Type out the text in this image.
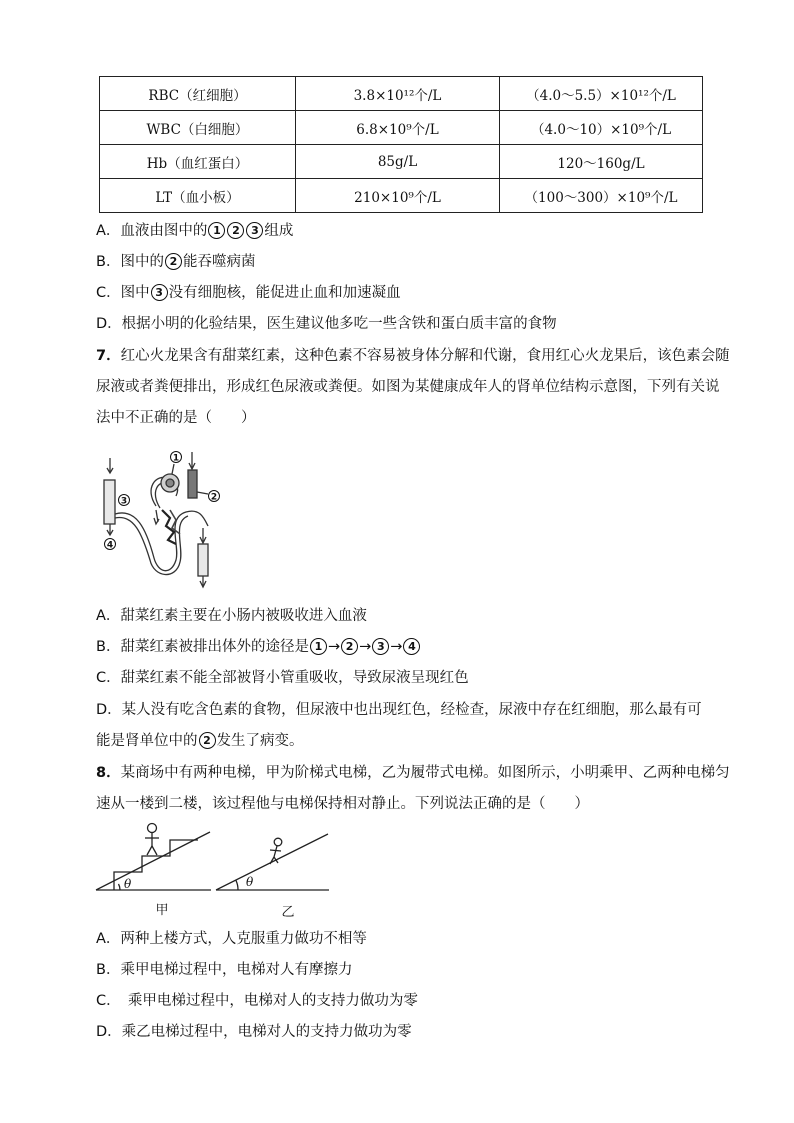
RBC（红细胞）	3.8×10¹²个/L	（4.0～5.5）×10¹²个/L
WBC（白细胞）	6.8×10⁹个/L	（4.0～10）×10⁹个/L
Hb（血红蛋白）	85g/L	120～160g/L
LT（血小板）	210×10⁹个/L	（100～300）×10⁹个/L
A．血液由图中的 1 2 3 组成
B．图中的 2 能吞噬病菌
C．图中 3 没有细胞核，能促进止血和加速凝血
D．根据小明的化验结果，医生建议他多吃一些含铁和蛋白质丰富的食物
7．红心火龙果含有甜菜红素，这种色素不容易被身体分解和代谢，食用红心火龙果后，该色素会随
尿液或者粪便排出，形成红色尿液或粪便。如图为某健康成年人的肾单位结构示意图，下列有关说
法中不正确的是（　　）
1
2
3
4
A．甜菜红素主要在小肠内被吸收进入血液
B．甜菜红素被排出体外的途径是 1 → 2 → 3 → 4
C．甜菜红素不能全部被肾小管重吸收，导致尿液呈现红色
D．某人没有吃含色素的食物，但尿液中也出现红色，经检查，尿液中存在红细胞，那么最有可
能是肾单位中的 2 发生了病变。
8．某商场中有两种电梯，甲为阶梯式电梯，乙为履带式电梯。如图所示，小明乘甲、乙两种电梯匀
速从一楼到二楼，该过程他与电梯保持相对静止。下列说法正确的是（　　）
θ	θ
甲	乙
A．两种上楼方式，人克服重力做功不相等
B．乘甲电梯过程中，电梯对人有摩擦力
C．　乘甲电梯过程中，电梯对人的支持力做功为零
D．乘乙电梯过程中，电梯对人的支持力做功为零
